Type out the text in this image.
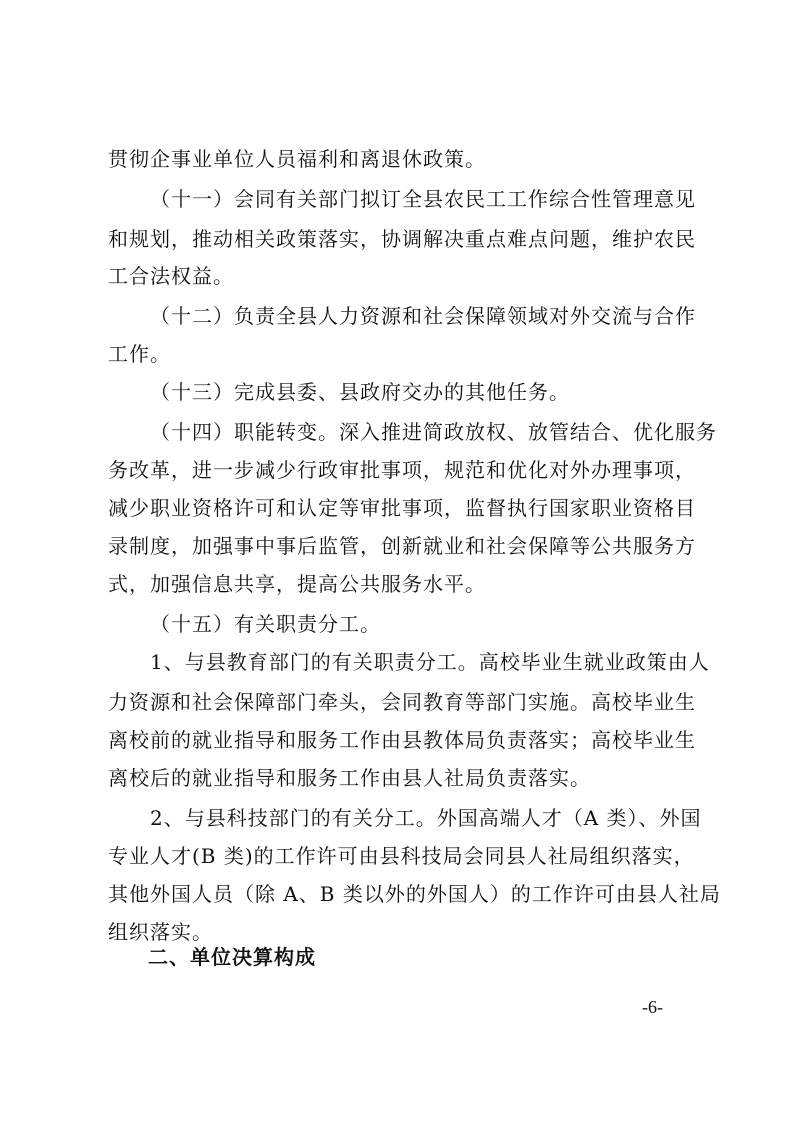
贯彻企事业单位人员福利和离退休政策。
（十一）会同有关部门拟订全县农民工工作综合性管理意见
和规划，推动相关政策落实，协调解决重点难点问题，维护农民
工合法权益。
（十二）负责全县人力资源和社会保障领域对外交流与合作
工作。
（十三）完成县委、县政府交办的其他任务。
（十四）职能转变。深入推进简政放权、放管结合、优化服务
务改革，进一步减少行政审批事项，规范和优化对外办理事项，
减少职业资格许可和认定等审批事项，监督执行国家职业资格目
录制度，加强事中事后监管，创新就业和社会保障等公共服务方
式，加强信息共享，提高公共服务水平。
（十五）有关职责分工。
1、与县教育部门的有关职责分工。高校毕业生就业政策由人
力资源和社会保障部门牵头，会同教育等部门实施。高校毕业生
离校前的就业指导和服务工作由县教体局负责落实；高校毕业生
离校后的就业指导和服务工作由县人社局负责落实。
2、与县科技部门的有关分工。外国高端人才（A 类）、外国
专业人才(B 类)的工作许可由县科技局会同县人社局组织落实，
其他外国人员（除 A、B 类以外的外国人）的工作许可由县人社局
组织落实。
二、单位决算构成
-6-
